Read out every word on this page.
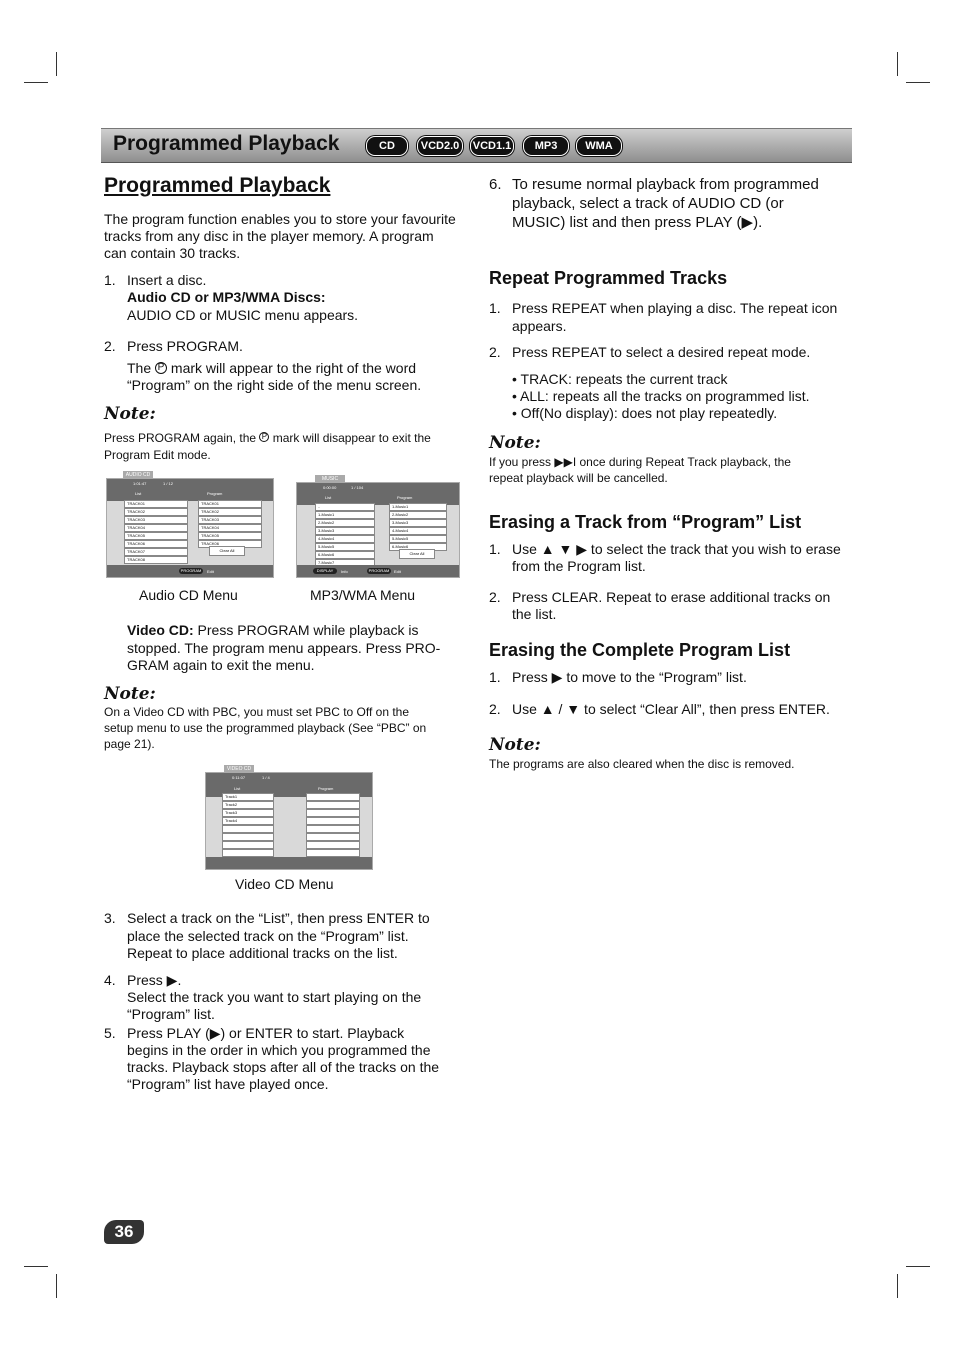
Programmed Playback	CD	VCD2.0	VCD1.1	MP3	WMA
Programmed Playback
The program function enables you to store your favourite tracks from any disc in the player memory. A program can contain 30 tracks.
1. Insert a disc.
Audio CD or MP3/WMA Discs:
AUDIO CD or MUSIC menu appears.
2. Press PROGRAM.
The P mark will appear to the right of the word
“Program” on the right side of the menu screen.
Note:
Press PROGRAM again, the P mark will disappear to exit the
Program Edit mode.
AUDIO CD
1:01:47	1 / 12
List	Program
TRACK01
TRACK02
TRACK03
TRACK04
TRACK05
TRACK06
TRACK07
TRACK08
TRACK01
TRACK02
TRACK03
TRACK04
TRACK05
TRACK06
Clear All
PROGRAM	Edit
MUSIC
0:00:00	1 / 104
List	Program
..
1-Music1
2-Music2
3-Music3
4-Music4
5-Music5
6-Music6
7-Music7
1-Music1
2-Music2
3-Music3
4-Music4
5-Music5
6-Music6
Clear All
DISPLAY	Info	PROGRAM	Edit
Audio CD Menu	MP3/WMA Menu
Video CD: Press PROGRAM while playback is
stopped. The program menu appears. Press PRO-
GRAM again to exit the menu.
Note:
On a Video CD with PBC, you must set PBC to Off on the
setup menu to use the programmed playback (See “PBC” on
page 21).
VIDEO CD
0:11:07	1 / 4
List	Program
Track1
Track2
Track3
Track4
Video CD Menu
3. Select a track on the “List”, then press ENTER to
place the selected track on the “Program” list.
Repeat to place additional tracks on the list.
4. Press ▶.
Select the track you want to start playing on the
“Program” list.
5. Press PLAY (▶) or ENTER to start. Playback
begins in the order in which you programmed the
tracks. Playback stops after all of the tracks on the
“Program” list have played once.
6. To resume normal playback from programmed
playback, select a track of AUDIO CD (or
MUSIC) list and then press PLAY (▶).
Repeat Programmed Tracks
1. Press REPEAT when playing a disc. The repeat icon
appears.
2. Press REPEAT to select a desired repeat mode.
• TRACK: repeats the current track
• ALL: repeats all the tracks on programmed list.
• Off(No display): does not play repeatedly.
Note:
If you press ▶▶I once during Repeat Track playback, the
repeat playback will be cancelled.
Erasing a Track from “Program” List
1. Use ▲ ▼ ▶ to select the track that you wish to erase
from the Program list.
2. Press CLEAR. Repeat to erase additional tracks on
the list.
Erasing the Complete Program List
1. Press ▶ to move to the “Program” list.
2. Use ▲ / ▼ to select “Clear All”, then press ENTER.
Note:
The programs are also cleared when the disc is removed.
36
